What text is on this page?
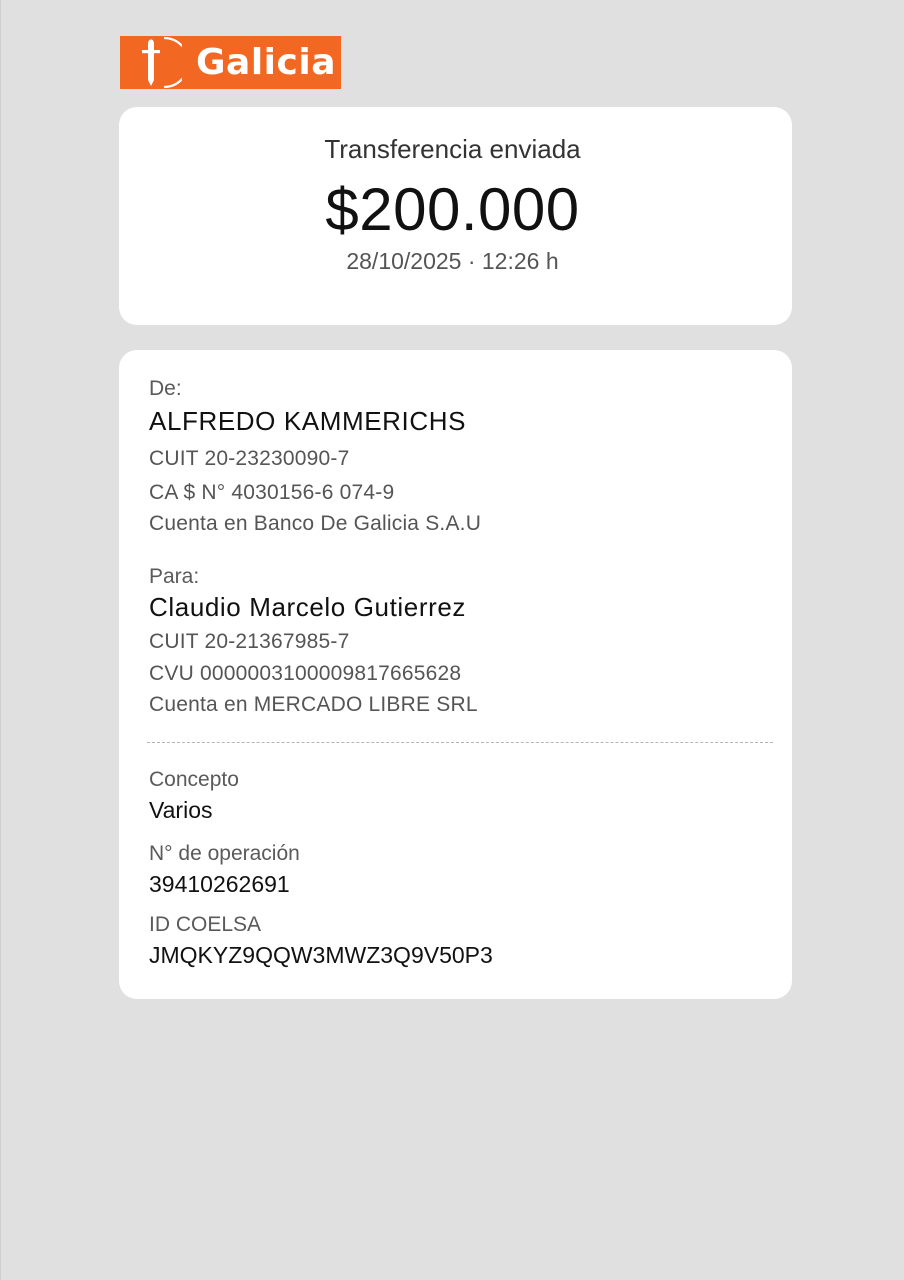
Galicia
Transferencia enviada
$200.000
28/10/2025 · 12:26 h
De:
ALFREDO KAMMERICHS
CUIT 20-23230090-7
CA $ N° 4030156-6 074-9
Cuenta en Banco De Galicia S.A.U
Para:
Claudio Marcelo Gutierrez
CUIT 20-21367985-7
CVU 0000003100009817665628
Cuenta en MERCADO LIBRE SRL
Concepto
Varios
N° de operación
39410262691
ID COELSA
JMQKYZ9QQW3MWZ3Q9V50P3
